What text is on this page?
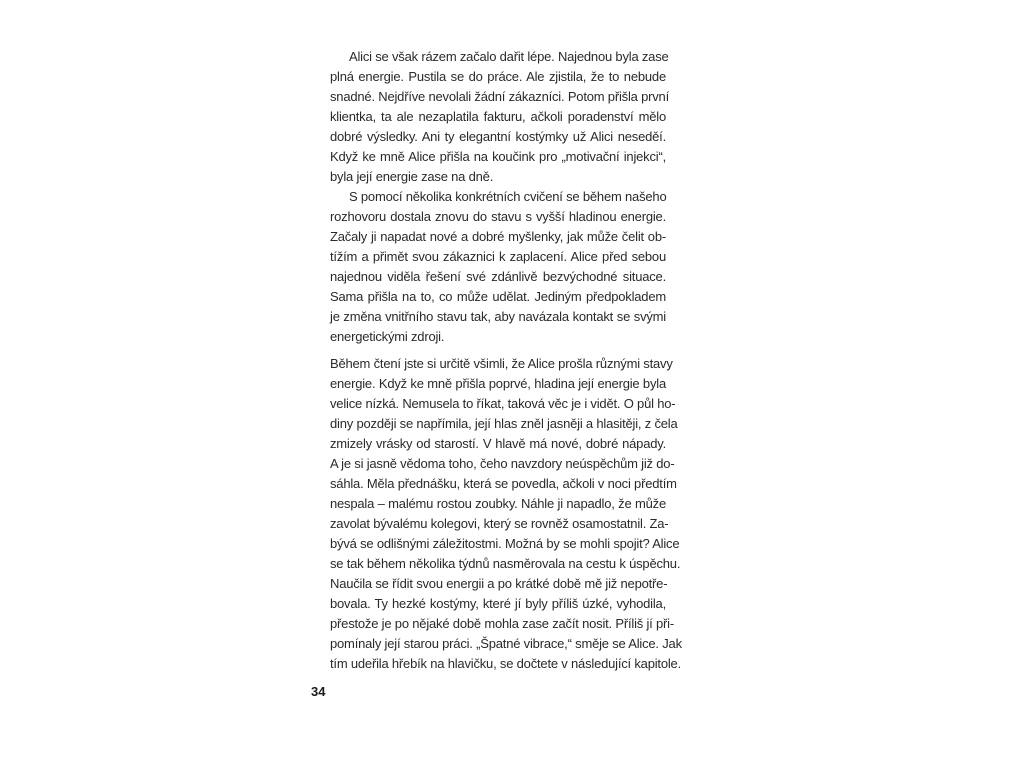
Alici se však rázem začalo dařit lépe. Najednou byla zase
plná energie. Pustila se do práce. Ale zjistila, že to nebude
snadné. Nejdříve nevolali žádní zákazníci. Potom přišla první
klientka, ta ale nezaplatila fakturu, ačkoli poradenství mělo
dobré výsledky. Ani ty elegantní kostýmky už Alici neseděí.
Když ke mně Alice přišla na koučink pro „motivační injekci“,
byla její energie zase na dně.
S pomocí několika konkrétních cvičení se během našeho
rozhovoru dostala znovu do stavu s vyšší hladinou energie.
Začaly ji napadat nové a dobré myšlenky, jak může čelit ob-
tížím a přimět svou zákaznici k zaplacení. Alice před sebou
najednou viděla řešení své zdánlivě bezvýchodné situace.
Sama přišla na to, co může udělat. Jediným předpokladem
je změna vnitřního stavu tak, aby navázala kontakt se svými
energetickými zdroji.
Během čtení jste si určitě všimli, že Alice prošla různými stavy
energie. Když ke mně přišla poprvé, hladina její energie byla
velice nízká. Nemusela to říkat, taková věc je i vidět. O půl ho-
diny později se napřímila, její hlas zněl jasněji a hlasitěji, z čela
zmizely vrásky od starostí. V hlavě má nové, dobré nápady.
A je si jasně vědoma toho, čeho navzdory neúspěchům již do-
sáhla. Měla přednášku, která se povedla, ačkoli v noci předtím
nespala – malému rostou zoubky. Náhle ji napadlo, že může
zavolat bývalému kolegovi, který se rovněž osamostatnil. Za-
bývá se odlišnými záležitostmi. Možná by se mohli spojit? Alice
se tak během několika týdnů nasměrovala na cestu k úspěchu.
Naučila se řídit svou energii a po krátké době mě již nepotře-
bovala. Ty hezké kostýmy, které jí byly příliš úzké, vyhodila,
přestože je po nějaké době mohla zase začít nosit. Příliš jí při-
pomínaly její starou práci. „Špatné vibrace,“ směje se Alice. Jak
tím udeřila hřebík na hlavičku, se dočtete v následující kapitole.
34
